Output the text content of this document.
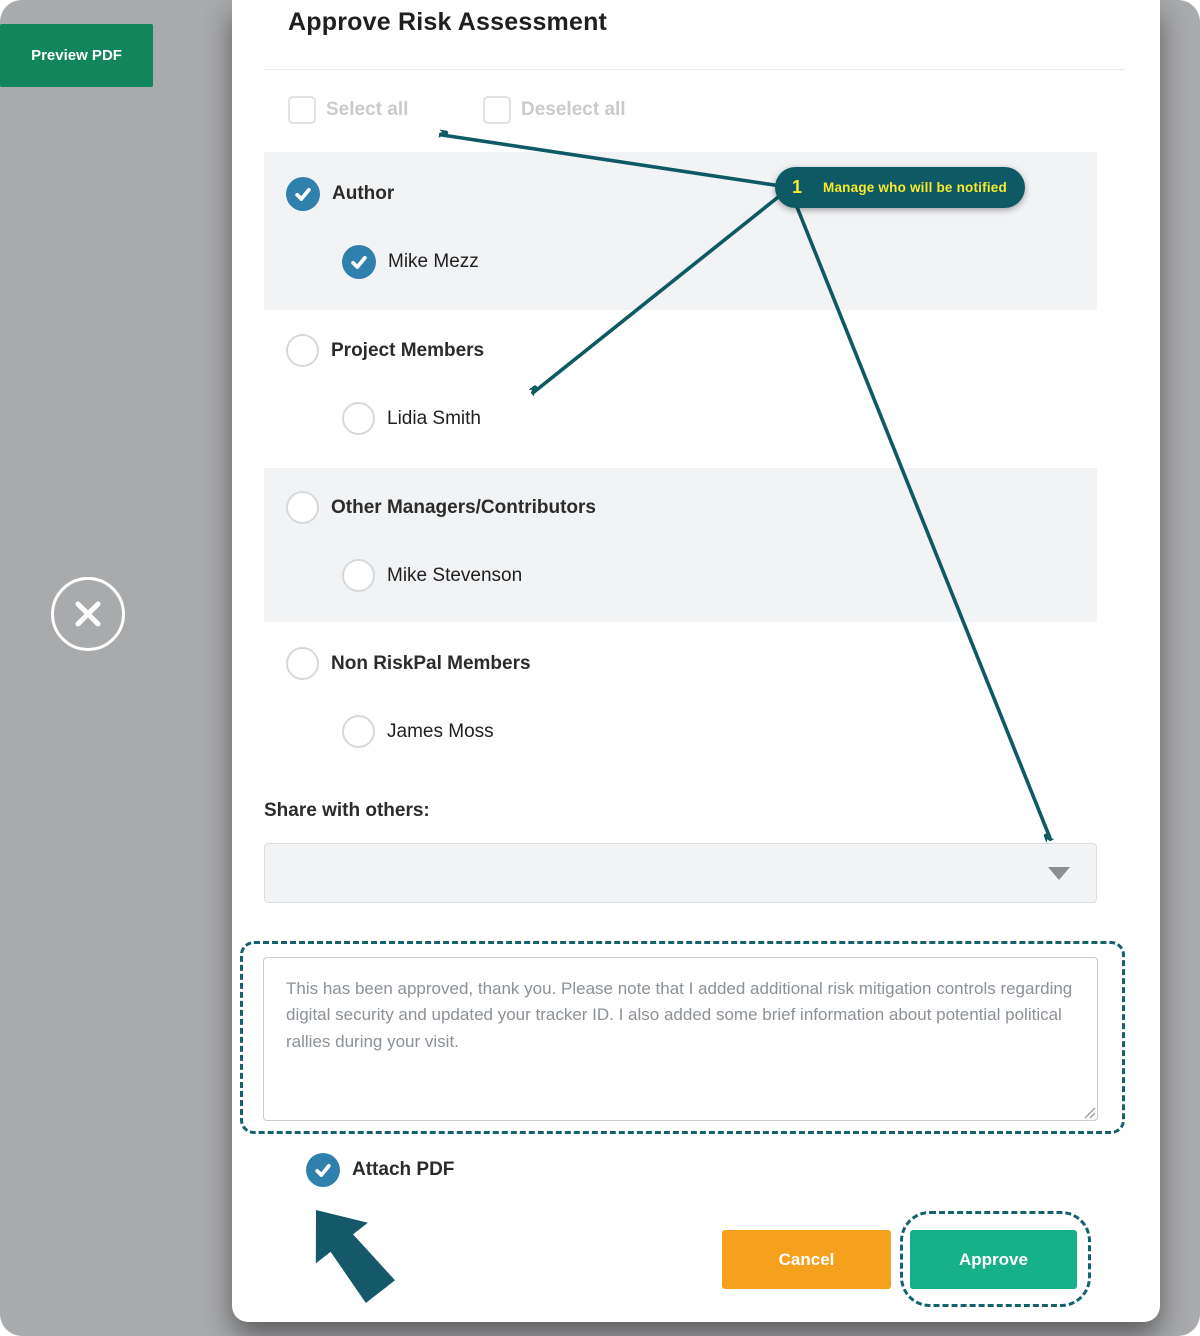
Preview PDF
Approve Risk Assessment
Select all	Deselect all
Author
Mike Mezz
Project Members
Lidia Smith
Other Managers/Contributors
Mike Stevenson
Non RiskPal Members
James Moss
Share with others:
This has been approved, thank you. Please note that I added additional risk mitigation controls regarding digital security and updated your tracker ID. I also added some brief information about potential political rallies during your visit.
Attach PDF
Cancel	Approve
1 Manage who will be notified
